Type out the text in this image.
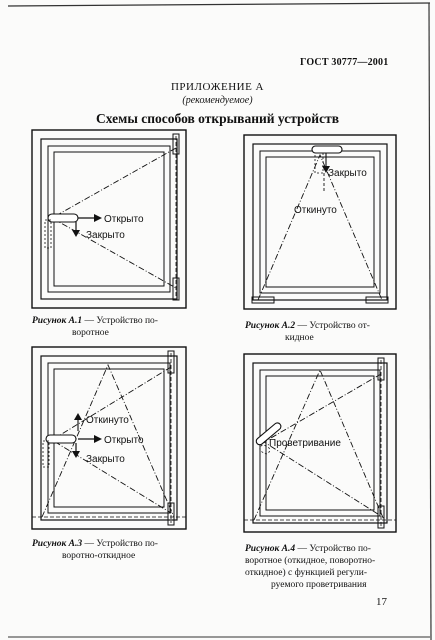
ГОСТ 30777—2001
ПРИЛОЖЕНИЕ А
(рекомендуемое)
Схемы способов открываний устройств
Открыто
Закрыто
Закрыто
Откинуто
Откинуто
Открыто
Закрыто
Проветривание
Рисунок А.1 — Устройство по-
воротное
Рисунок А.2 — Устройство от-
кидное
Рисунок А.3 — Устройство по-
воротно-откидное
Рисунок А.4 — Устройство по-
воротное (откидное, поворотно-
откидное) с функцией регули-
руемого проветривания
17
